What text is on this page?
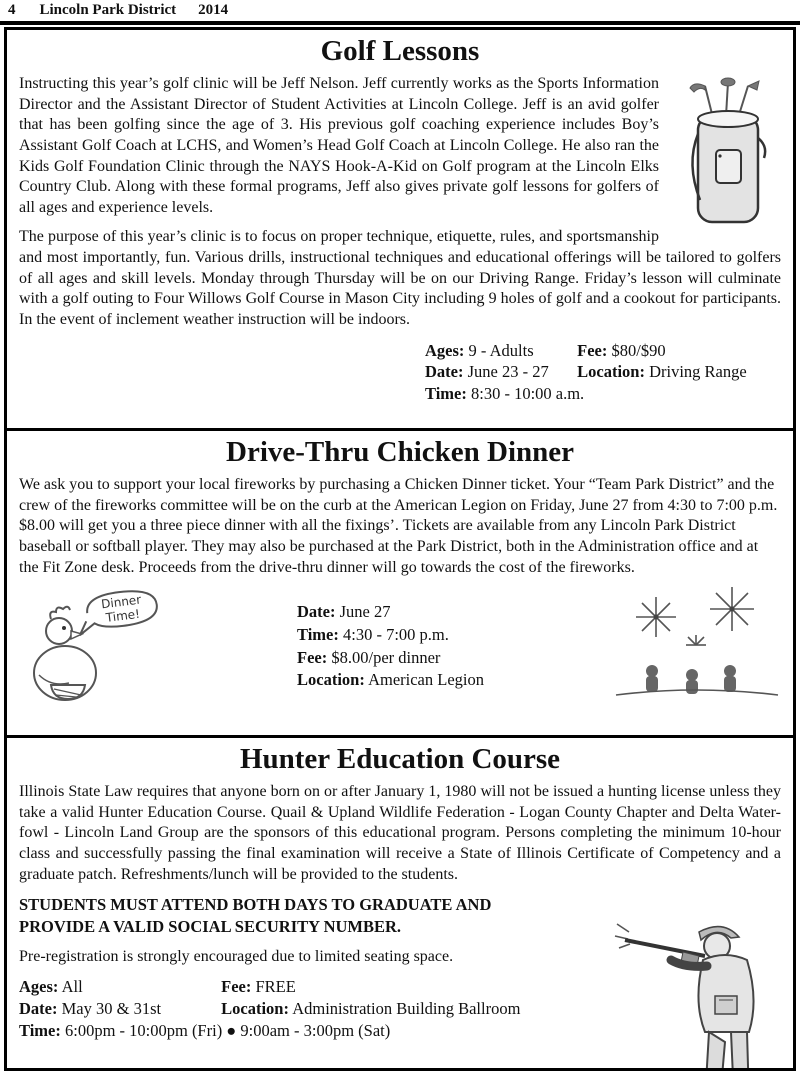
4 Lincoln Park District 2014
Golf Lessons

Instructing this year’s golf clinic will be Jeff Nelson. Jeff currently works as the Sports Information Director and the Assistant Director of Student Activities at Lincoln College. Jeff is an avid golfer that has been golfing since the age of 3. His previous golf coaching experience includes Boy’s Assistant Golf Coach at LCHS, and Women’s Head Golf Coach at Lincoln College. He also ran the Kids Golf Foundation Clinic through the NAYS Hook-A-Kid on Golf program at the Lincoln Elks Country Club. Along with these formal programs, Jeff also gives private golf lessons for golfers of all ages and experience levels.

The purpose of this year’s clinic is to focus on proper technique, etiquette, rules, and sportsmanship and most importantly, fun. Various drills, instructional techniques and educational offerings will be tailored to golfers of all ages and skill levels. Monday through Thursday will be on our Driving Range. Friday’s lesson will culminate with a golf outing to Four Willows Golf Course in Mason City including 9 holes of golf and a cookout for participants. In the event of inclement weather instruction will be indoors.

Ages: 9 - Adults	Fee: $80/$90
Date: June 23 - 27 Location: Driving Range
Time: 8:30 - 10:00 a.m.
Drive-Thru Chicken Dinner

We ask you to support your local fireworks by purchasing a Chicken Dinner ticket. Your “Team Park District” and the crew of the fireworks committee will be on the curb at the American Legion on Friday, June 27 from 4:30 to 7:00 p.m. $8.00 will get you a three piece dinner with all the fixings’. Tickets are available from any Lincoln Park District baseball or softball player. They may also be purchased at the Park District, both in the Administration office and at the Fit Zone desk. Proceeds from the drive-thru dinner will go towards the cost of the fireworks.

Dinner
Time!	Date: June 27
Time: 4:30 - 7:00 p.m.
Fee: $8.00/per dinner
Location: American Legion
Hunter Education Course

Illinois State Law requires that anyone born on or after January 1, 1980 will not be issued a hunting license unless they take a valid Hunter Education Course. Quail & Upland Wildlife Federation - Logan County Chapter and Delta Water-fowl - Lincoln Land Group are the sponsors of this educational program. Persons completing the minimum 10-hour class and successfully passing the final examination will receive a State of Illinois Certificate of Competency and a graduate patch. Refreshments/lunch will be provided to the students.

STUDENTS MUST ATTEND BOTH DAYS TO GRADUATE AND PROVIDE A VALID SOCIAL SECURITY NUMBER.

Pre-registration is strongly encouraged due to limited seating space.

Ages: All	Fee: FREE
Date: May 30 & 31st	Location: Administration Building Ballroom
Time: 6:00pm - 10:00pm (Fri) ● 9:00am - 3:00pm (Sat)
